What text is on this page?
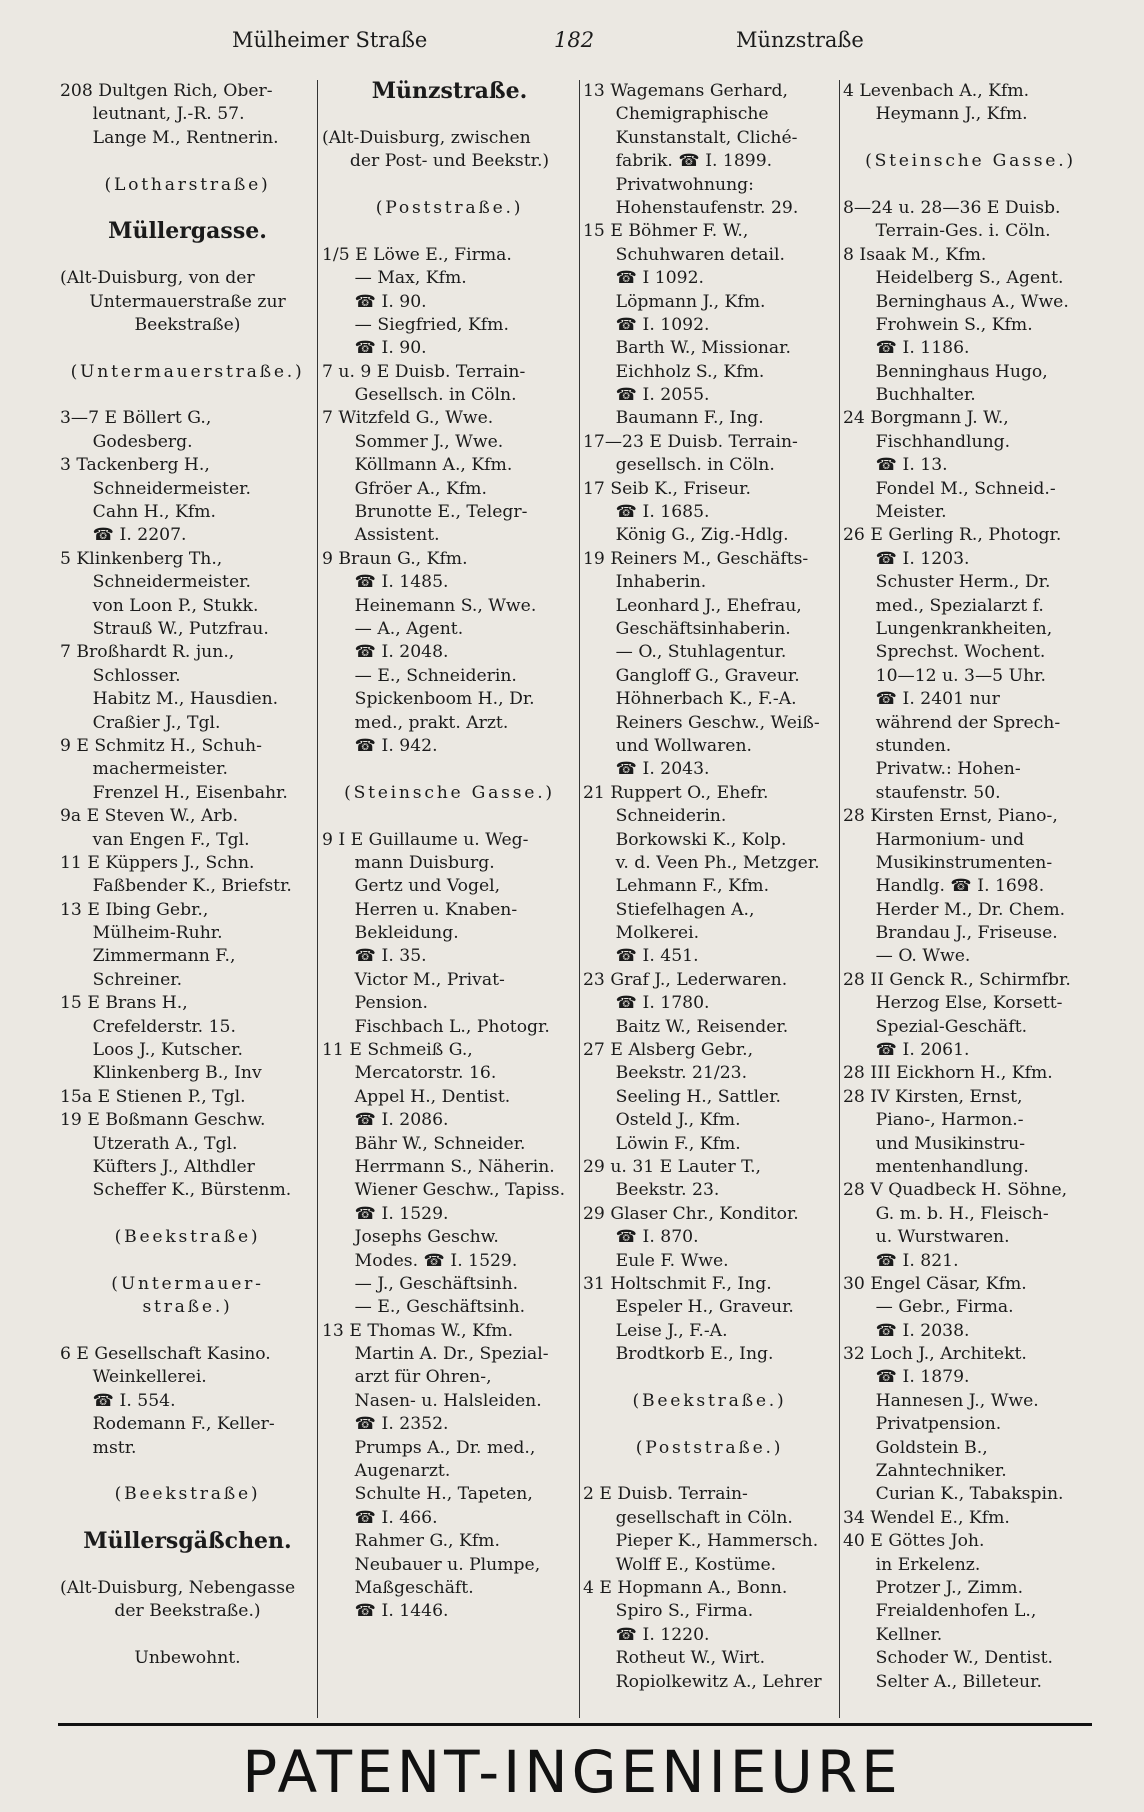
Mülheimer Straße	182	Münzstraße
208 Dultgen Rich, Ober-
leutnant, J.-R. 57.
Lange M., Rentnerin.
(Lotharstraße)
Müllergasse.
(Alt-Duisburg, von der
Untermauerstraße zur
Beekstraße)
(Untermauerstraße.)
3—7 E Böllert G.,
Godesberg.
3 Tackenberg H.,
Schneidermeister.
Cahn H., Kfm.
☎ I. 2207.
5 Klinkenberg Th.,
Schneidermeister.
von Loon P., Stukk.
Strauß W., Putzfrau.
7 Broßhardt R. jun.,
Schlosser.
Habitz M., Hausdien.
Craßier J., Tgl.
9 E Schmitz H., Schuh-
machermeister.
Frenzel H., Eisenbahr.
9a E Steven W., Arb.
van Engen F., Tgl.
11 E Küppers J., Schn.
Faßbender K., Briefstr.
13 E Ibing Gebr.,
Mülheim-Ruhr.
Zimmermann F.,
Schreiner.
15 E Brans H.,
Crefelderstr. 15.
Loos J., Kutscher.
Klinkenberg B., Inv
15a E Stienen P., Tgl.
19 E Boßmann Geschw.
Utzerath A., Tgl.
Küfters J., Althdler
Scheffer K., Bürstenm.
(Beekstraße)
(Untermauer-
straße.)
6 E Gesellschaft Kasino.
Weinkellerei.
☎ I. 554.
Rodemann F., Keller-
mstr.
(Beekstraße)
Müllersgäßchen.
(Alt-Duisburg, Nebengasse
der Beekstraße.)
Unbewohnt.
Münzstraße.
(Alt-Duisburg, zwischen
der Post- und Beekstr.)
(Poststraße.)
1/5 E Löwe E., Firma.
— Max, Kfm.
☎ I. 90.
— Siegfried, Kfm.
☎ I. 90.
7 u. 9 E Duisb. Terrain-
Gesellsch. in Cöln.
7 Witzfeld G., Wwe.
Sommer J., Wwe.
Köllmann A., Kfm.
Gfröer A., Kfm.
Brunotte E., Telegr-
Assistent.
9 Braun G., Kfm.
☎ I. 1485.
Heinemann S., Wwe.
— A., Agent.
☎ I. 2048.
— E., Schneiderin.
Spickenboom H., Dr.
med., prakt. Arzt.
☎ I. 942.
(Steinsche Gasse.)
9 I E Guillaume u. Weg-
mann Duisburg.
Gertz und Vogel,
Herren u. Knaben-
Bekleidung.
☎ I. 35.
Victor M., Privat-
Pension.
Fischbach L., Photogr.
11 E Schmeiß G.,
Mercatorstr. 16.
Appel H., Dentist.
☎ I. 2086.
Bähr W., Schneider.
Herrmann S., Näherin.
Wiener Geschw., Tapiss.
☎ I. 1529.
Josephs Geschw.
Modes. ☎ I. 1529.
— J., Geschäftsinh.
— E., Geschäftsinh.
13 E Thomas W., Kfm.
Martin A. Dr., Spezial-
arzt für Ohren-,
Nasen- u. Halsleiden.
☎ I. 2352.
Prumps A., Dr. med.,
Augenarzt.
Schulte H., Tapeten,
☎ I. 466.
Rahmer G., Kfm.
Neubauer u. Plumpe,
Maßgeschäft.
☎ I. 1446.
13 Wagemans Gerhard,
Chemigraphische
Kunstanstalt, Cliché-
fabrik. ☎ I. 1899.
Privatwohnung:
Hohenstaufenstr. 29.
15 E Böhmer F. W.,
Schuhwaren detail.
☎ I 1092.
Löpmann J., Kfm.
☎ I. 1092.
Barth W., Missionar.
Eichholz S., Kfm.
☎ I. 2055.
Baumann F., Ing.
17—23 E Duisb. Terrain-
gesellsch. in Cöln.
17 Seib K., Friseur.
☎ I. 1685.
König G., Zig.-Hdlg.
19 Reiners M., Geschäfts-
Inhaberin.
Leonhard J., Ehefrau,
Geschäftsinhaberin.
— O., Stuhlagentur.
Gangloff G., Graveur.
Höhnerbach K., F.-A.
Reiners Geschw., Weiß-
und Wollwaren.
☎ I. 2043.
21 Ruppert O., Ehefr.
Schneiderin.
Borkowski K., Kolp.
v. d. Veen Ph., Metzger.
Lehmann F., Kfm.
Stiefelhagen A.,
Molkerei.
☎ I. 451.
23 Graf J., Lederwaren.
☎ I. 1780.
Baitz W., Reisender.
27 E Alsberg Gebr.,
Beekstr. 21/23.
Seeling H., Sattler.
Osteld J., Kfm.
Löwin F., Kfm.
29 u. 31 E Lauter T.,
Beekstr. 23.
29 Glaser Chr., Konditor.
☎ I. 870.
Eule F. Wwe.
31 Holtschmit F., Ing.
Espeler H., Graveur.
Leise J., F.-A.
Brodtkorb E., Ing.
(Beekstraße.)
(Poststraße.)
2 E Duisb. Terrain-
gesellschaft in Cöln.
Pieper K., Hammersch.
Wolff E., Kostüme.
4 E Hopmann A., Bonn.
Spiro S., Firma.
☎ I. 1220.
Rotheut W., Wirt.
Ropiolkewitz A., Lehrer
4 Levenbach A., Kfm.
Heymann J., Kfm.
(Steinsche Gasse.)
8—24 u. 28—36 E Duisb.
Terrain-Ges. i. Cöln.
8 Isaak M., Kfm.
Heidelberg S., Agent.
Berninghaus A., Wwe.
Frohwein S., Kfm.
☎ I. 1186.
Benninghaus Hugo,
Buchhalter.
24 Borgmann J. W.,
Fischhandlung.
☎ I. 13.
Fondel M., Schneid.-
Meister.
26 E Gerling R., Photogr.
☎ I. 1203.
Schuster Herm., Dr.
med., Spezialarzt f.
Lungenkrankheiten,
Sprechst. Wochent.
10—12 u. 3—5 Uhr.
☎ I. 2401 nur
während der Sprech-
stunden.
Privatw.: Hohen-
staufenstr. 50.
28 Kirsten Ernst, Piano-,
Harmonium- und
Musikinstrumenten-
Handlg. ☎ I. 1698.
Herder M., Dr. Chem.
Brandau J., Friseuse.
— O. Wwe.
28 II Genck R., Schirmfbr.
Herzog Else, Korsett-
Spezial-Geschäft.
☎ I. 2061.
28 III Eickhorn H., Kfm.
28 IV Kirsten, Ernst,
Piano-, Harmon.-
und Musikinstru-
mentenhandlung.
28 V Quadbeck H. Söhne,
G. m. b. H., Fleisch-
u. Wurstwaren.
☎ I. 821.
30 Engel Cäsar, Kfm.
— Gebr., Firma.
☎ I. 2038.
32 Loch J., Architekt.
☎ I. 1879.
Hannesen J., Wwe.
Privatpension.
Goldstein B.,
Zahntechniker.
Curian K., Tabakspin.
34 Wendel E., Kfm.
40 E Göttes Joh.
in Erkelenz.
Protzer J., Zimm.
Freialdenhofen L.,
Kellner.
Schoder W., Dentist.
Selter A., Billeteur.
PATENT-INGENIEURE
